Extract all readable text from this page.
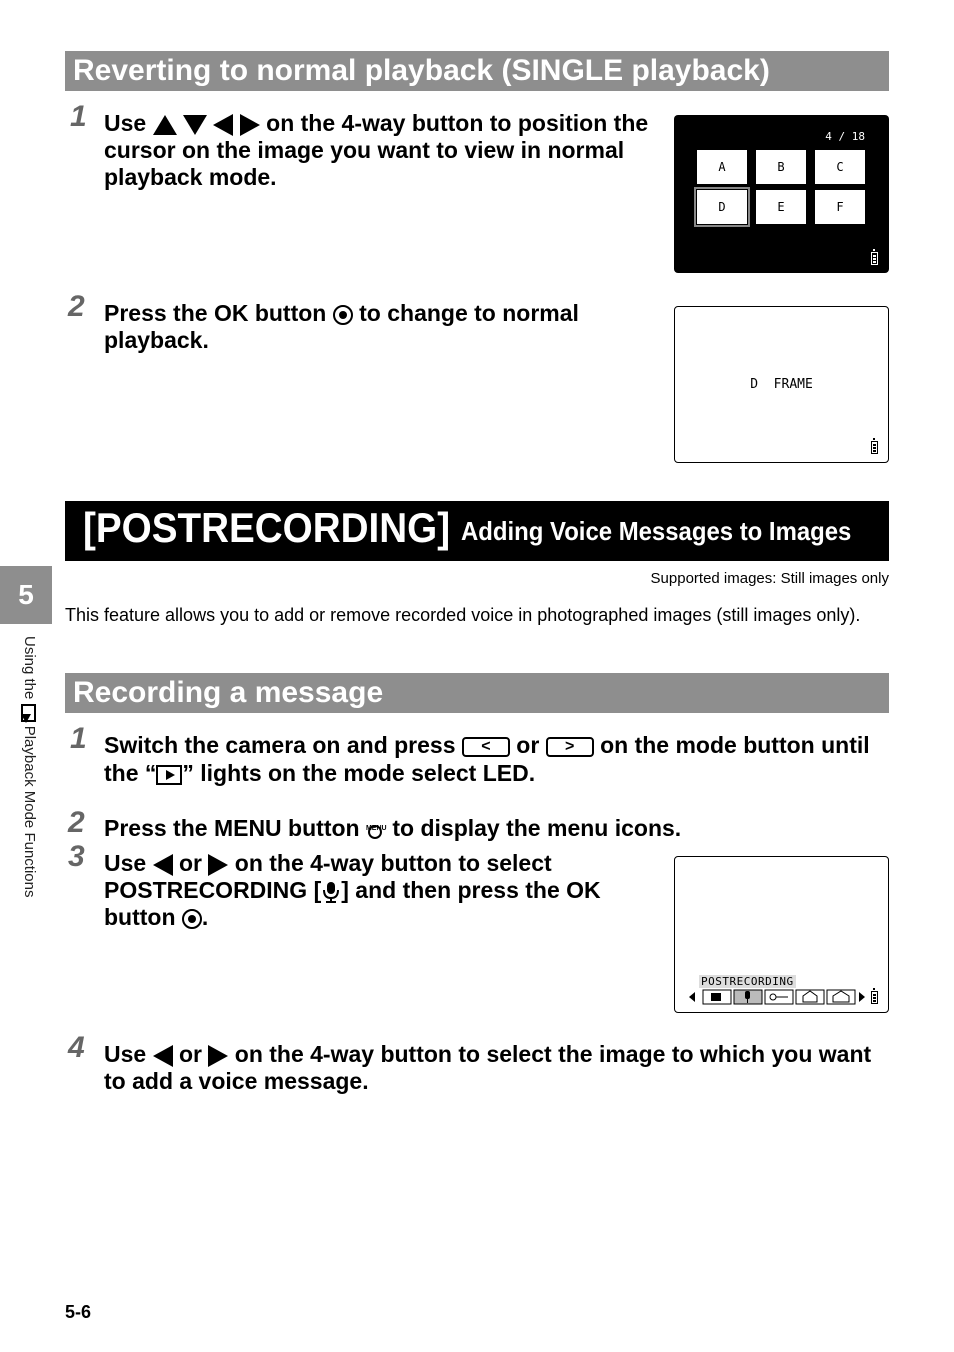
Reverting to normal playback (SINGLE playback)
1 Use	on the 4-way button to position the cursor on the image you want to view in normal playback mode.
4 / 18
A	B	C
D	E	F
2 Press the OK button to change to normal playback.
D  FRAME
[POSTRECORDING] Adding Voice Messages to Images
Supported images: Still images only
This feature allows you to add or remove recorded voice in photographed images (still images only).
Recording a message
1 Switch the camera on and press < or > on the mode button until the “ ” lights on the mode select LED.
2 Press the MENU button MENU to display the menu icons.
3 Use or on the 4-way button to select POSTRECORDING [ ] and then press the OK button .
POSTRECORDING
4 Use or on the 4-way button to select the image to which you want to add a voice message.
5
Using the  Playback Mode Functions
5-6
